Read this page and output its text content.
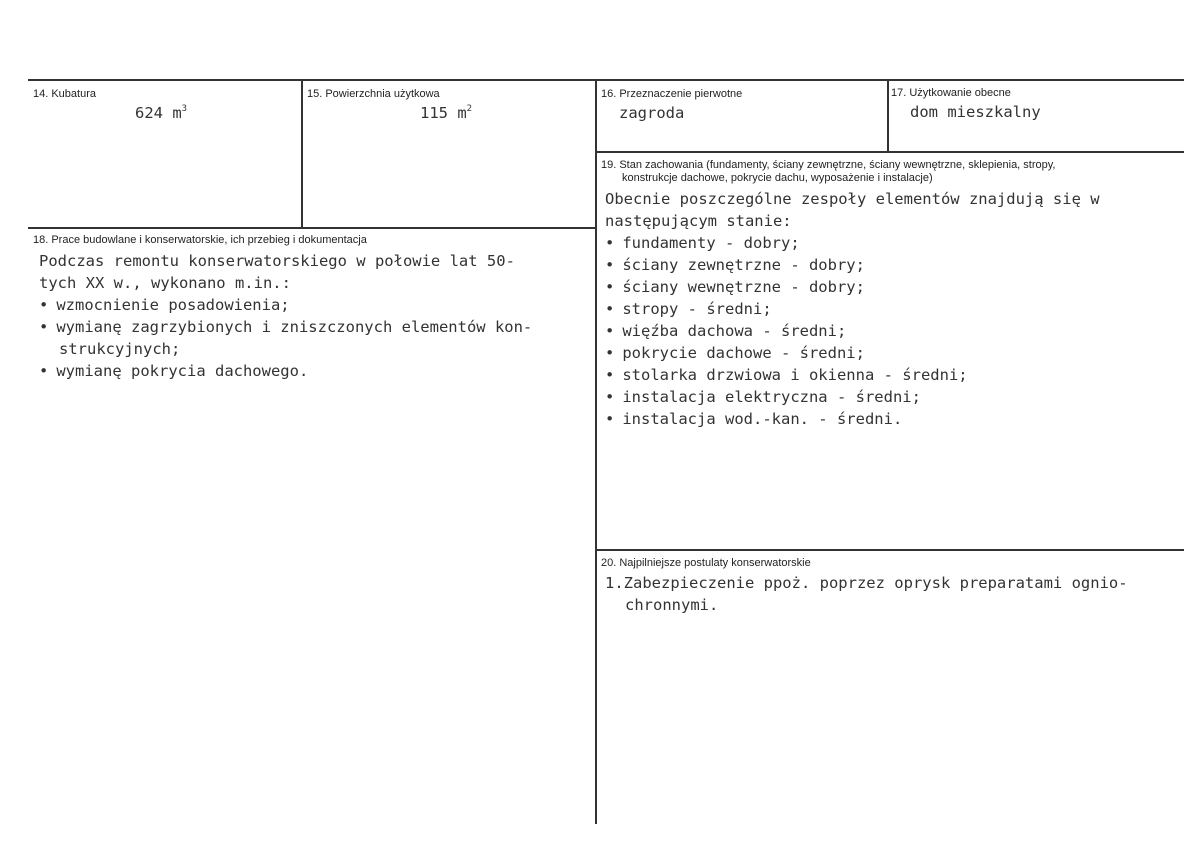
14. Kubatura
624 $m^3$
15. Powierzchnia użytkowa
115 $m^2$
16. Przeznaczenie pierwotne
zagroda
17. Użytkowanie obecne
dom mieszkalny
18. Prace budowlane i konserwatorskie, ich przebieg i dokumentacja
Podczas remontu konserwatorskiego w połowie lat 50-
tych XX w., wykonano m.in.:
• wzmocnienie posadowienia;
• wymianę zagrzybionych i zniszczonych elementów kon-
strukcyjnych;
• wymianę pokrycia dachowego.
19. Stan zachowania (fundamenty, ściany zewnętrzne, ściany wewnętrzne, sklepienia, stropy,
konstrukcje dachowe, pokrycie dachu, wyposażenie i instalacje)
Obecnie poszczególne zespoły elementów znajdują się w
następującym stanie:
• fundamenty - dobry;
• ściany zewnętrzne - dobry;
• ściany wewnętrzne - dobry;
• stropy - średni;
• więźba dachowa - średni;
• pokrycie dachowe - średni;
• stolarka drzwiowa i okienna - średni;
• instalacja elektryczna - średni;
• instalacja wod.-kan. - średni.
20. Najpilniejsze postulaty konserwatorskie
1.Zabezpieczenie ppoż. poprzez oprysk preparatami ognio-
chronnymi.
